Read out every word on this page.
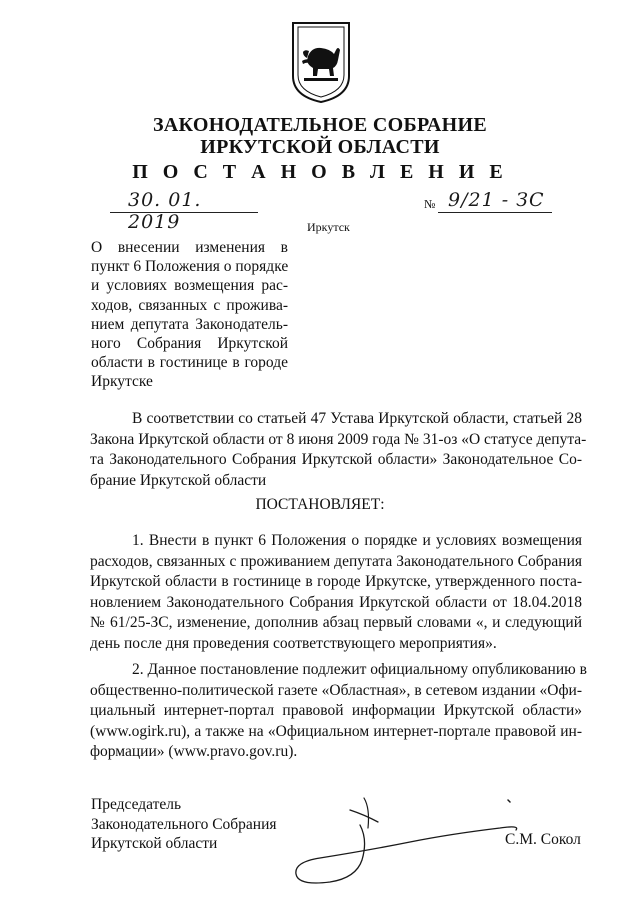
ЗАКОНОДАТЕЛЬНОЕ СОБРАНИЕ
ИРКУТСКОЙ ОБЛАСТИ
П О С Т А Н О В Л Е Н И Е
30. 01. 2019
№ 9/21 - ЗС
Иркутск
О внесении изменения в
пункт 6 Положения о порядке
и условиях возмещения рас-
ходов, связанных с прожива-
нием депутата Законодатель-
ного Собрания Иркутской
области в гостинице в городе
Иркутске
В соответствии со статьей 47 Устава Иркутской области, статьей 28
Закона Иркутской области от 8 июня 2009 года № 31-оз «О статусе депута-
та Законодательного Собрания Иркутской области» Законодательное Со-
брание Иркутской области
ПОСТАНОВЛЯЕТ:
1. Внести в пункт 6 Положения о порядке и условиях возмещения
расходов, связанных с проживанием депутата Законодательного Собрания
Иркутской области в гостинице в городе Иркутске, утвержденного поста-
новлением Законодательного Собрания Иркутской области от 18.04.2018
№ 61/25-ЗС, изменение, дополнив абзац первый словами «, и следующий
день после дня проведения соответствующего мероприятия».
2. Данное постановление подлежит официальному опубликованию в
общественно-политической газете «Областная», в сетевом издании «Офи-
циальный интернет-портал правовой информации Иркутской области»
(www.ogirk.ru), а также на «Официальном интернет-портале правовой ин-
формации» (www.pravo.gov.ru).
Председатель
Законодательного Собрания
Иркутской области	С.М. Сокол
